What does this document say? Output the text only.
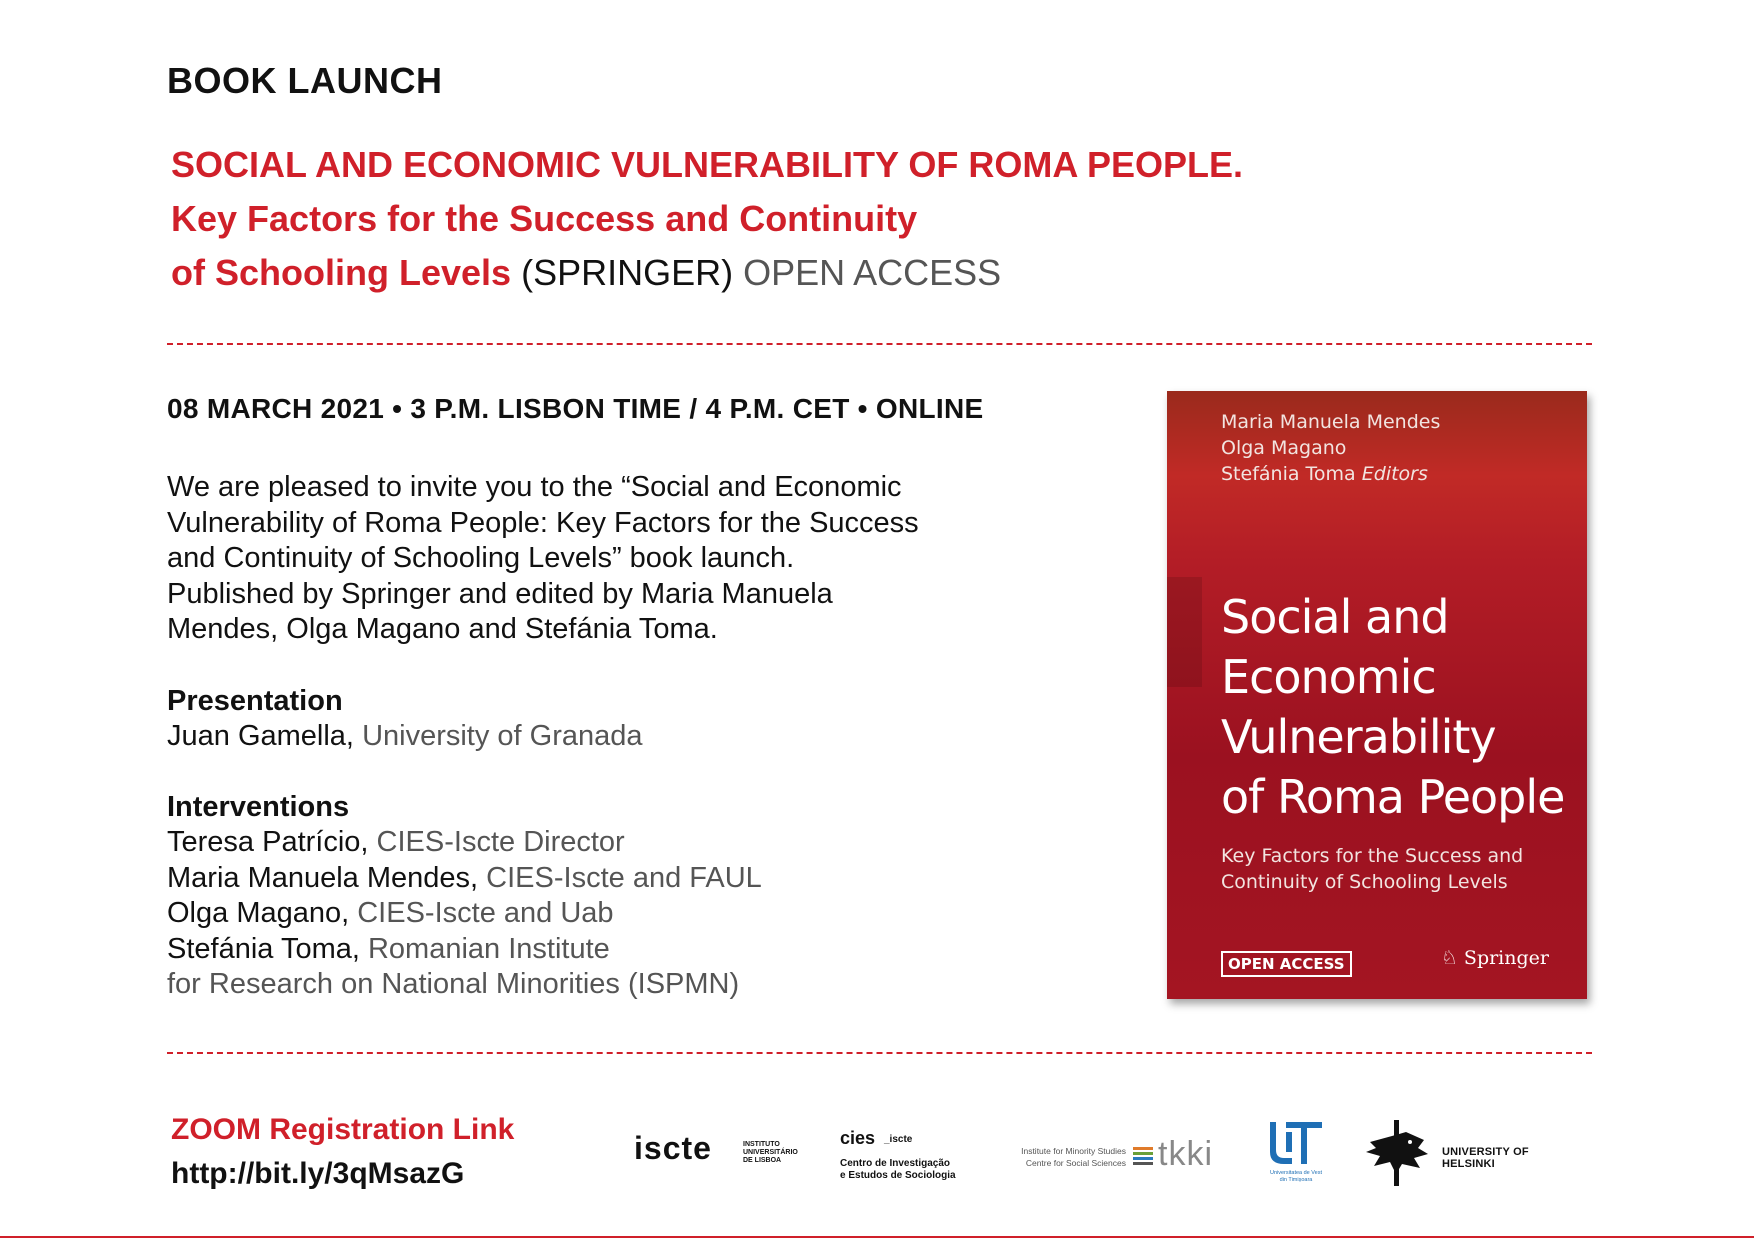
BOOK LAUNCH
SOCIAL AND ECONOMIC VULNERABILITY OF ROMA PEOPLE.
Key Factors for the Success and Continuity
of Schooling Levels (SPRINGER) OPEN ACCESS
08 MARCH 2021 • 3 P.M. LISBON TIME / 4 P.M. CET • ONLINE

We are pleased to invite you to the “Social and Economic

Vulnerability of Roma People: Key Factors for the Success

and Continuity of Schooling Levels” book launch.

Published by Springer and edited by Maria Manuela

Mendes, Olga Magano and Stefánia Toma.

Presentation
Juan Gamella, University of Granada
Interventions
Teresa Patrício, CIES-Iscte Director
Maria Manuela Mendes, CIES-Iscte and FAUL
Olga Magano, CIES-Iscte and Uab
Stefánia Toma, Romanian Institute
for Research on National Minorities (ISPMN)
Maria Manuela Mendes
Olga Magano
Stefánia Toma Editors
Social and
Economic
Vulnerability
of Roma People
Key Factors for the Success and
Continuity of Schooling Levels
OPEN ACCESS	♘ Springer
ZOOM Registration Link
http://bit.ly/3qMsazG
iscte	INSTITUTO
UNIVERSITÁRIO
DE LISBOA
cies _iscte
Centro de Investigação
e Estudos de Sociologia
Institute for Minority Studies
Centre for Social Sciences tkki	Universitatea de Vest
din Timișoara
UNIVERSITY OF HELSINKI
